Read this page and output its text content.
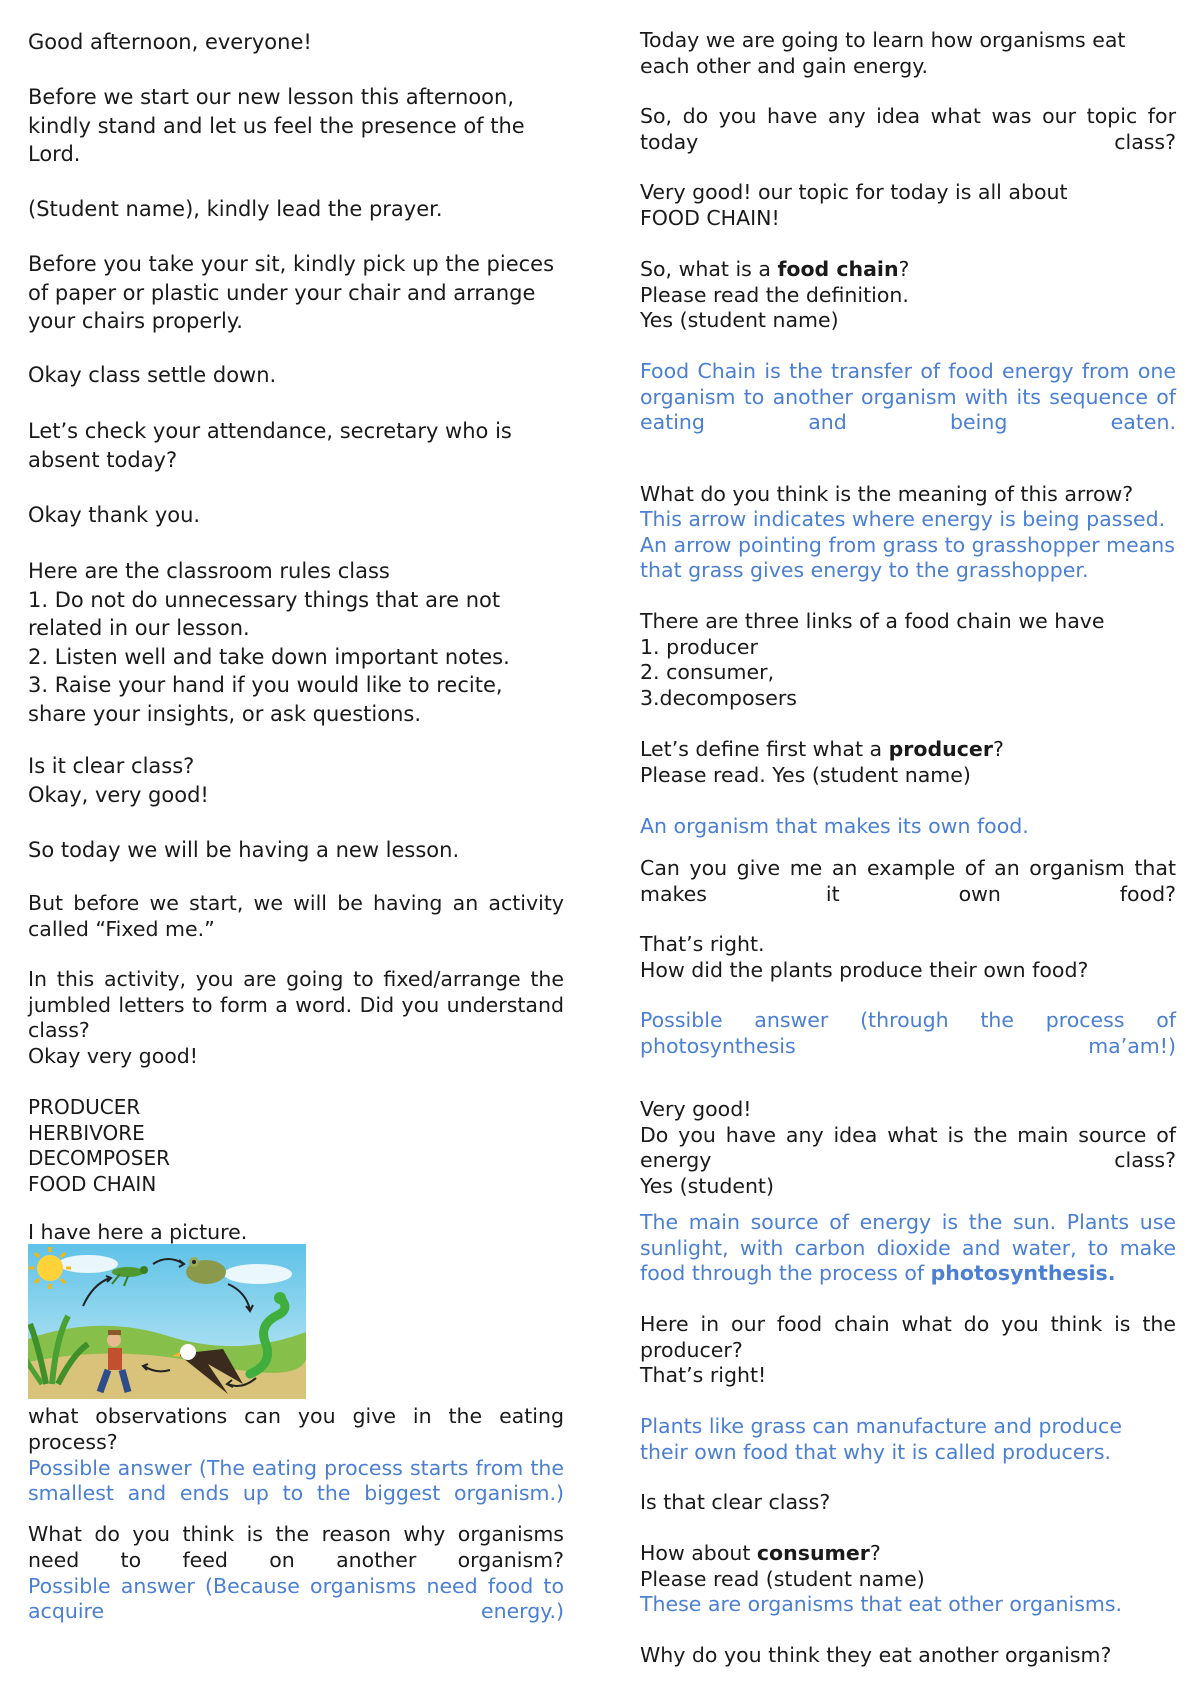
Good afternoon, everyone!

Before we start our new lesson this afternoon, kindly stand and let us feel the presence of the Lord.

(Student name), kindly lead the prayer.

Before you take your sit, kindly pick up the pieces of paper or plastic under your chair and arrange your chairs properly.

Okay class settle down.

Let’s check your attendance, secretary who is absent today?

Okay thank you.

Here are the classroom rules class
1. Do not do unnecessary things that are not related in our lesson.
2. Listen well and take down important notes.
3. Raise your hand if you would like to recite, share your insights, or ask questions.
Is it clear class?
Okay, very good!

So today we will be having a new lesson.

But before we start, we will be having an activity called “Fixed me.”

In this activity, you are going to fixed/arrange the jumbled letters to form a word. Did you understand class?
Okay very good!
PRODUCER
HERBIVORE
DECOMPOSER
FOOD CHAIN

I have here a picture.

what observations can you give in the eating process?

Possible answer (The eating process starts from the smallest and ends up to the biggest organism.)

What do you think is the reason why organisms need to feed on another organism?

Possible answer (Because organisms need food to acquire energy.)

Today we are going to learn how organisms eat each other and gain energy.

So, do you have any idea what was our topic for today class?

Very good! our topic for today is all about
FOOD CHAIN!
So, what is a food chain?
Please read the definition.
Yes (student name)

Food Chain is the transfer of food energy from one organism to another organism with its sequence of eating and being eaten.

What do you think is the meaning of this arrow?

This arrow indicates where energy is being passed. An arrow pointing from grass to grasshopper means that grass gives energy to the grasshopper.

There are three links of a food chain we have
1. producer
2. consumer,
3.decomposers
Let’s define first what a producer?
Please read. Yes (student name)

An organism that makes its own food.

Can you give me an example of an organism that makes it own food?

That’s right.
How did the plants produce their own food?

Possible answer (through the process of photosynthesis ma’am!)

Very good!
Do you have any idea what is the main source of energy class?
Yes (student)

The main source of energy is the sun. Plants use sunlight, with carbon dioxide and water, to make food through the process of photosynthesis.

Here in our food chain what do you think is the producer?
That’s right!

Plants like grass can manufacture and produce their own food that why it is called producers.

Is that clear class?

How about consumer?
Please read (student name)
These are organisms that eat other organisms.

Why do you think they eat another organism?
